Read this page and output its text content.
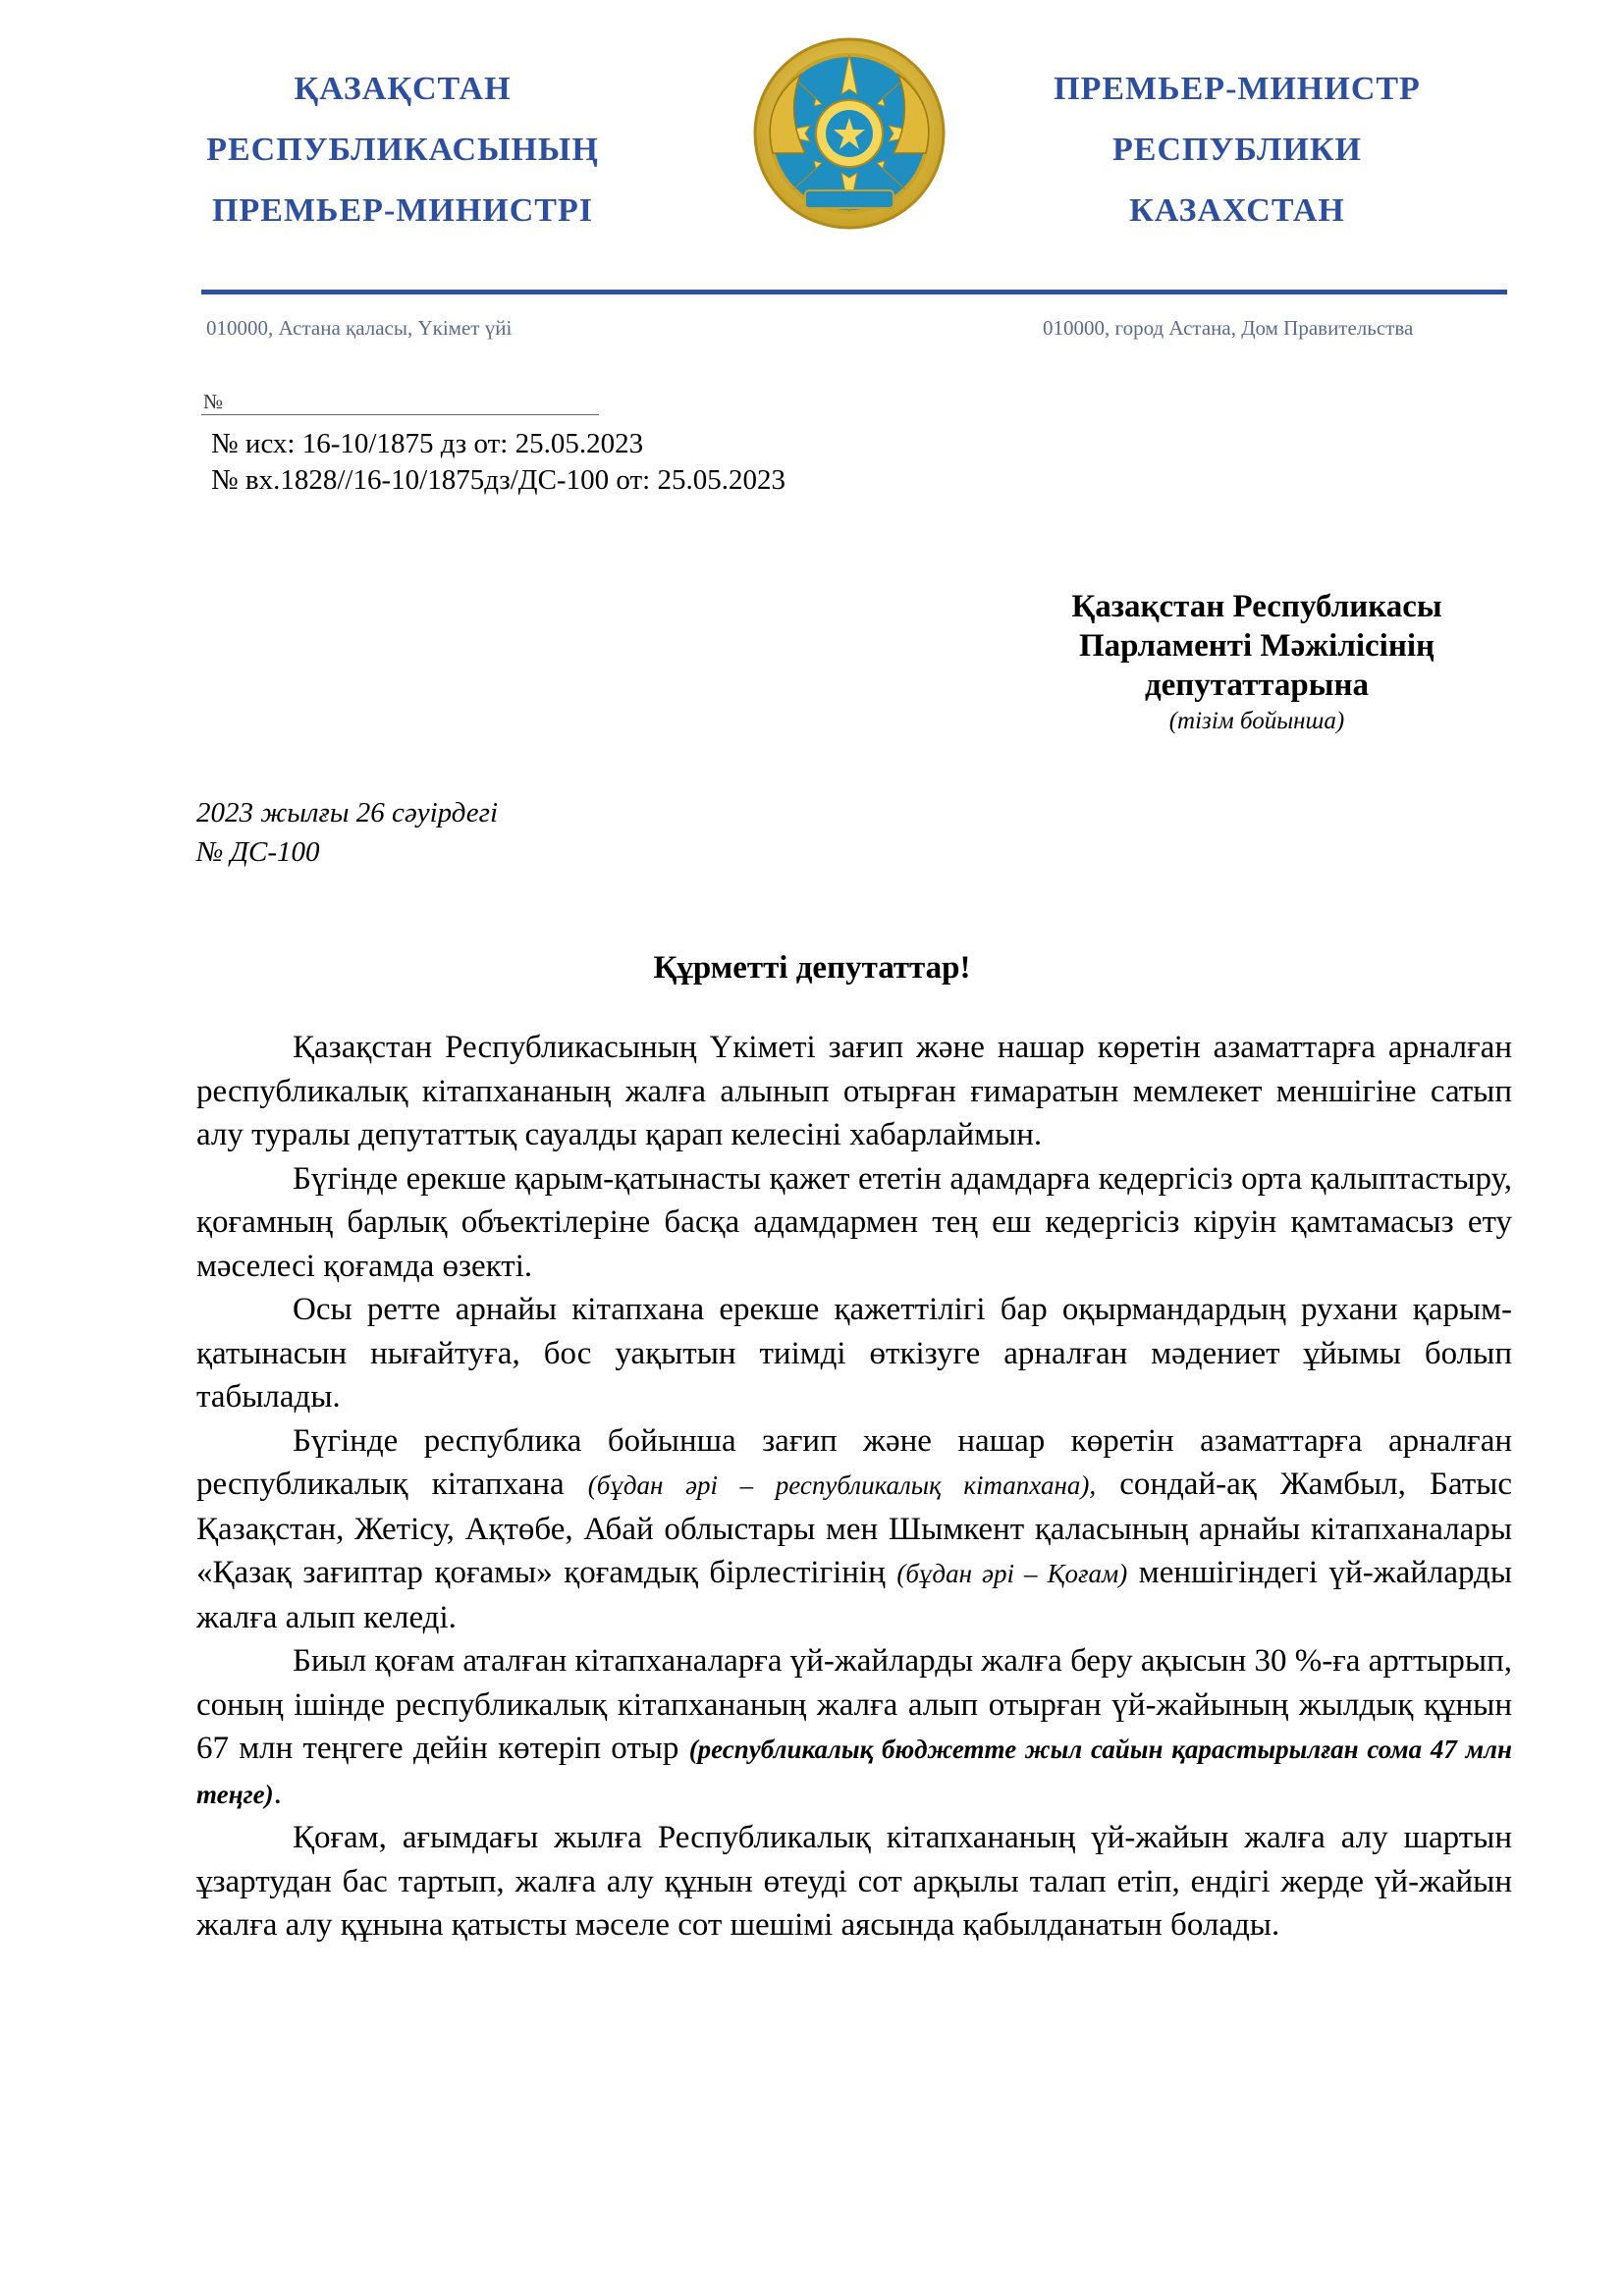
ҚАЗАҚСТАН
РЕСПУБЛИКАСЫНЫҢ
ПРЕМЬЕР-МИНИСТРІ
ПРЕМЬЕР-МИНИСТР
РЕСПУБЛИКИ
КАЗАХСТАН
010000, Астана қаласы, Үкімет үйі	010000, город Астана, Дом Правительства
№
№ исх: 16-10/1875 дз от: 25.05.2023
№ вх.1828//16-10/1875дз/ДС-100 от: 25.05.2023
Қазақстан Республикасы
Парламенті Мәжілісінің
депутаттарына
(тізім бойынша)
2023 жылғы 26 сәуірдегі
№ ДС-100
Құрметті депутаттар!

Қазақстан Республикасының Үкіметі зағип және нашар көретін азаматтарға арналған республикалық кітапхананың жалға алынып отырған ғимаратын мемлекет меншігіне сатып алу туралы депутаттық сауалды қарап келесіні хабарлаймын.

Бүгінде ерекше қарым-қатынасты қажет ететін адамдарға кедергісіз орта қалыптастыру, қоғамның барлық объектілеріне басқа адамдармен тең еш кедергісіз кіруін қамтамасыз ету мәселесі қоғамда өзекті.

Осы ретте арнайы кітапхана ерекше қажеттілігі бар оқырмандардың рухани қарым-қатынасын нығайтуға, бос уақытын тиімді өткізуге арналған мәдениет ұйымы болып табылады.

Бүгінде республика бойынша зағип және нашар көретін азаматтарға арналған республикалық кітапхана (бұдан әрі – республикалық кітапхана), сондай-ақ Жамбыл, Батыс Қазақстан, Жетісу, Ақтөбе, Абай облыстары мен Шымкент қаласының арнайы кітапханалары «Қазақ зағиптар қоғамы» қоғамдық бірлестігінің (бұдан әрі – Қоғам) меншігіндегі үй-жайларды жалға алып келеді.

Биыл қоғам аталған кітапханаларға үй-жайларды жалға беру ақысын 30 %-ға арттырып, соның ішінде республикалық кітапхананың жалға алып отырған үй-жайының жылдық құнын 67 млн теңгеге дейін көтеріп отыр (республикалық бюджетте жыл сайын қарастырылған сома 47 млн теңге).

Қоғам, ағымдағы жылға Республикалық кітапхананың үй-жайын жалға алу шартын ұзартудан бас тартып, жалға алу құнын өтеуді сот арқылы талап етіп, ендігі жерде үй-жайын жалға алу құнына қатысты мәселе сот шешімі аясында қабылданатын болады.
